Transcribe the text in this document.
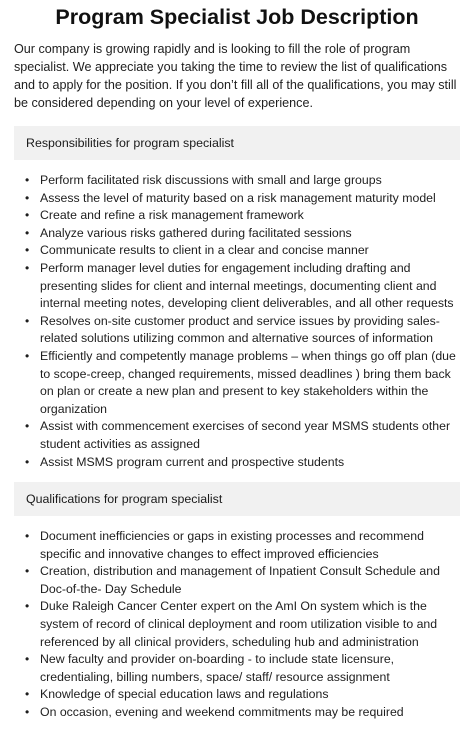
Program Specialist Job Description

Our company is growing rapidly and is looking to fill the role of program specialist. We appreciate you taking the time to review the list of qualifications and to apply for the position. If you don’t fill all of the qualifications, you may still be considered depending on your level of experience.

Responsibilities for program specialist
• Perform facilitated risk discussions with small and large groups
• Assess the level of maturity based on a risk management maturity model
• Create and refine a risk management framework
• Analyze various risks gathered during facilitated sessions
• Communicate results to client in a clear and concise manner
• Perform manager level duties for engagement including drafting and presenting slides for client and internal meetings, documenting client and internal meeting notes, developing client deliverables, and all other requests
• Resolves on-site customer product and service issues by providing sales-related solutions utilizing common and alternative sources of information
• Efficiently and competently manage problems – when things go off plan (due to scope-creep, changed requirements, missed deadlines ) bring them back on plan or create a new plan and present to key stakeholders within the organization
• Assist with commencement exercises of second year MSMS students other student activities as assigned
• Assist MSMS program current and prospective students
Qualifications for program specialist
• Document inefficiencies or gaps in existing processes and recommend specific and innovative changes to effect improved efficiencies
• Creation, distribution and management of Inpatient Consult Schedule and Doc-of-the- Day Schedule
• Duke Raleigh Cancer Center expert on the AmI On system which is the system of record of clinical deployment and room utilization visible to and referenced by all clinical providers, scheduling hub and administration
• New faculty and provider on-boarding - to include state licensure, credentialing, billing numbers, space/ staff/ resource assignment
• Knowledge of special education laws and regulations
• On occasion, evening and weekend commitments may be required
